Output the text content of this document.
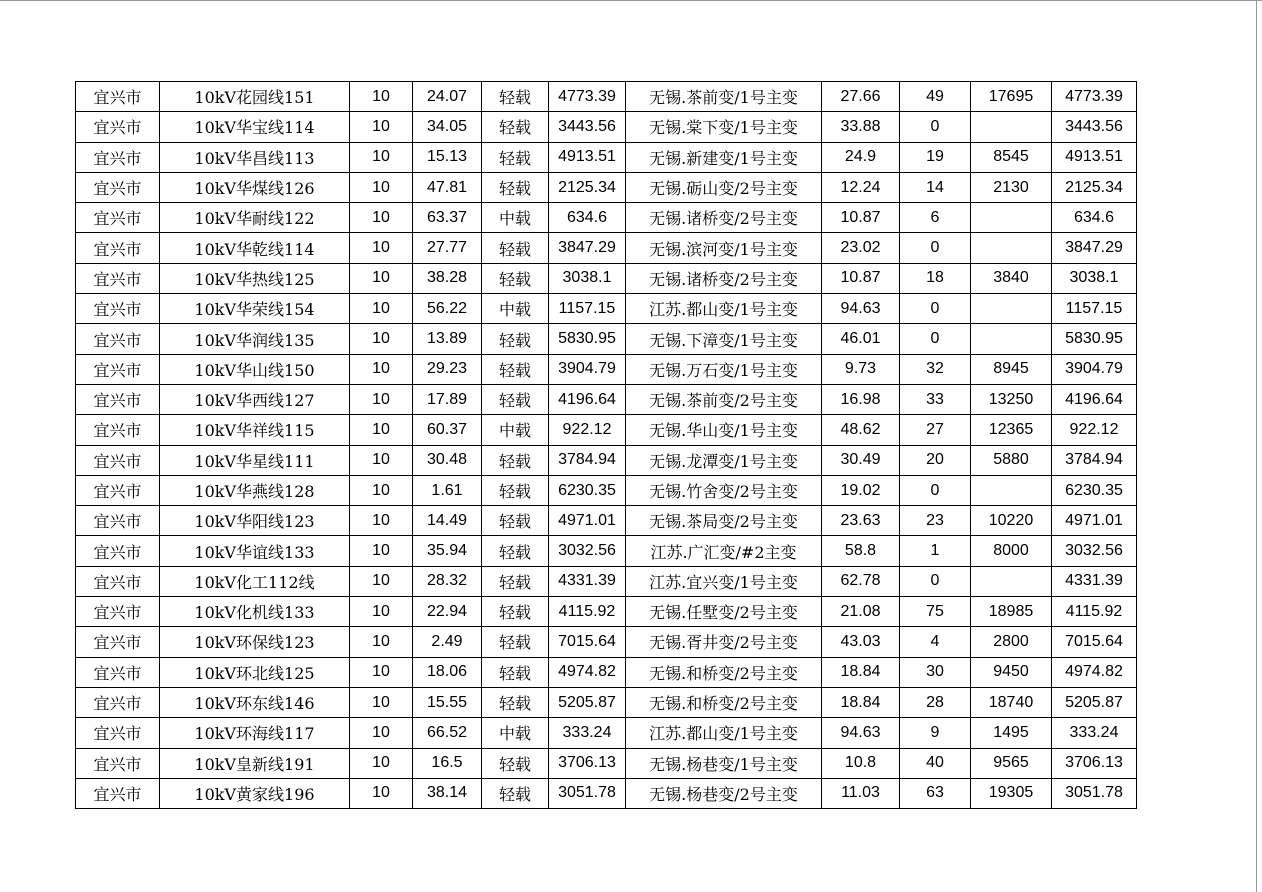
宜兴市	10kV花园线151	10	24.07	轻载	4773.39	无锡.茶前变/1号主变	27.66	49	17695	4773.39
宜兴市	10kV华宝线114	10	34.05	轻载	3443.56	无锡.棠下变/1号主变	33.88	0		3443.56
宜兴市	10kV华昌线113	10	15.13	轻载	4913.51	无锡.新建变/1号主变	24.9	19	8545	4913.51
宜兴市	10kV华煤线126	10	47.81	轻载	2125.34	无锡.砺山变/2号主变	12.24	14	2130	2125.34
宜兴市	10kV华耐线122	10	63.37	中载	634.6	无锡.诸桥变/2号主变	10.87	6		634.6
宜兴市	10kV华乾线114	10	27.77	轻载	3847.29	无锡.滨河变/1号主变	23.02	0		3847.29
宜兴市	10kV华热线125	10	38.28	轻载	3038.1	无锡.诸桥变/2号主变	10.87	18	3840	3038.1
宜兴市	10kV华荣线154	10	56.22	中载	1157.15	江苏.都山变/1号主变	94.63	0		1157.15
宜兴市	10kV华润线135	10	13.89	轻载	5830.95	无锡.下漳变/1号主变	46.01	0		5830.95
宜兴市	10kV华山线150	10	29.23	轻载	3904.79	无锡.万石变/1号主变	9.73	32	8945	3904.79
宜兴市	10kV华西线127	10	17.89	轻载	4196.64	无锡.茶前变/2号主变	16.98	33	13250	4196.64
宜兴市	10kV华祥线115	10	60.37	中载	922.12	无锡.华山变/1号主变	48.62	27	12365	922.12
宜兴市	10kV华星线111	10	30.48	轻载	3784.94	无锡.龙潭变/1号主变	30.49	20	5880	3784.94
宜兴市	10kV华燕线128	10	1.61	轻载	6230.35	无锡.竹舍变/2号主变	19.02	0		6230.35
宜兴市	10kV华阳线123	10	14.49	轻载	4971.01	无锡.茶局变/2号主变	23.63	23	10220	4971.01
宜兴市	10kV华谊线133	10	35.94	轻载	3032.56	江苏.广汇变/#2主变	58.8	1	8000	3032.56
宜兴市	10kV化工112线	10	28.32	轻载	4331.39	江苏.宜兴变/1号主变	62.78	0		4331.39
宜兴市	10kV化机线133	10	22.94	轻载	4115.92	无锡.任墅变/2号主变	21.08	75	18985	4115.92
宜兴市	10kV环保线123	10	2.49	轻载	7015.64	无锡.胥井变/2号主变	43.03	4	2800	7015.64
宜兴市	10kV环北线125	10	18.06	轻载	4974.82	无锡.和桥变/2号主变	18.84	30	9450	4974.82
宜兴市	10kV环东线146	10	15.55	轻载	5205.87	无锡.和桥变/2号主变	18.84	28	18740	5205.87
宜兴市	10kV环海线117	10	66.52	中载	333.24	江苏.都山变/1号主变	94.63	9	1495	333.24
宜兴市	10kV皇新线191	10	16.5	轻载	3706.13	无锡.杨巷变/1号主变	10.8	40	9565	3706.13
宜兴市	10kV黄家线196	10	38.14	轻载	3051.78	无锡.杨巷变/2号主变	11.03	63	19305	3051.78
